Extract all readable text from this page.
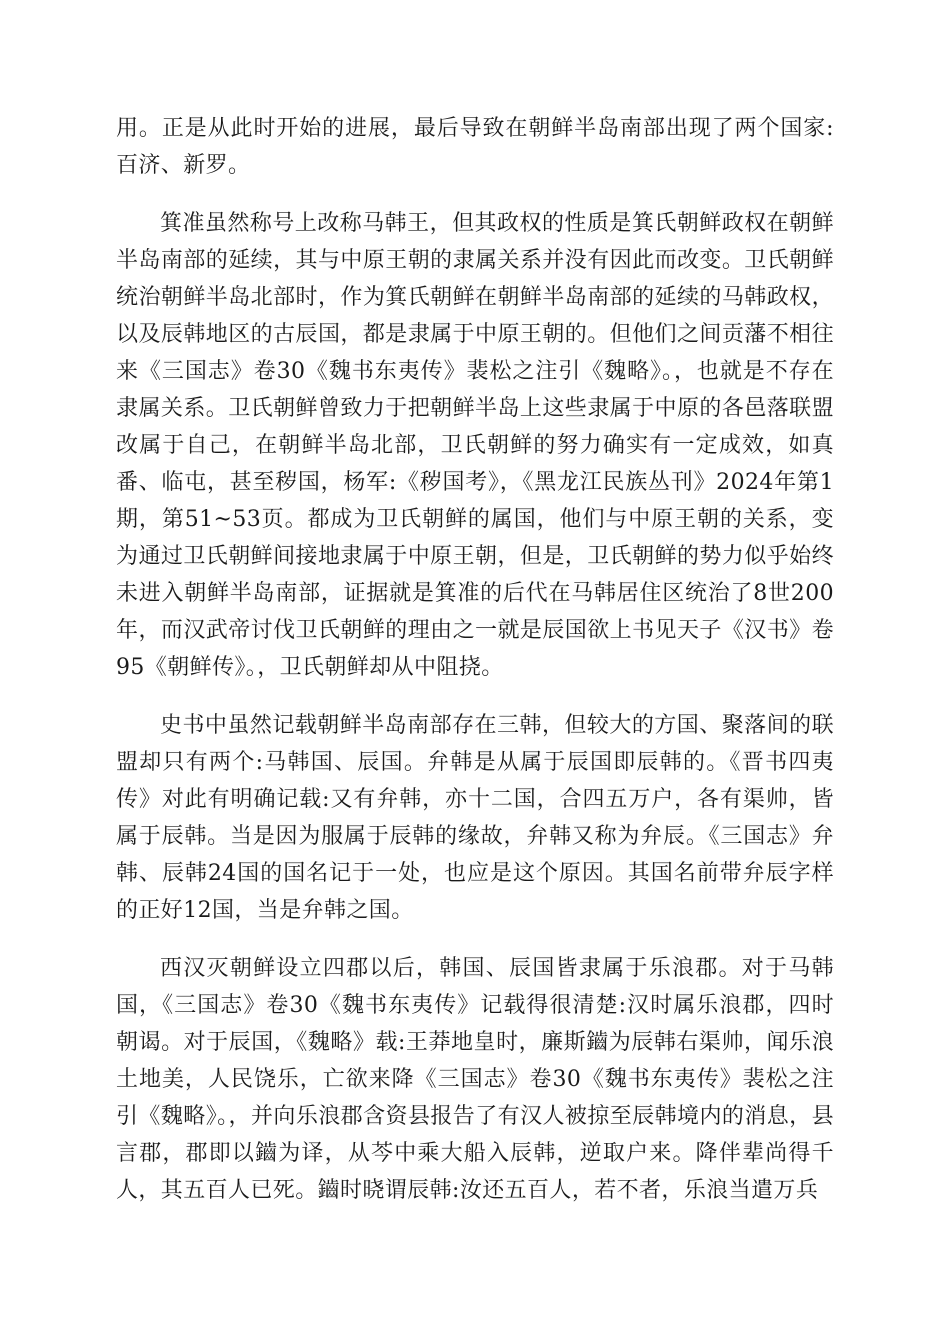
用。正是从此时开始的进展，最后导致在朝鲜半岛南部出现了两个国家:百济、新罗。

箕准虽然称号上改称马韩王，但其政权的性质是箕氏朝鲜政权在朝鲜半岛南部的延续，其与中原王朝的隶属关系并没有因此而改变。卫氏朝鲜统治朝鲜半岛北部时，作为箕氏朝鲜在朝鲜半岛南部的延续的马韩政权，以及辰韩地区的古辰国，都是隶属于中原王朝的。但他们之间贡藩不相往来《三国志》卷30《魏书东夷传》裴松之注引《魏略》。，也就是不存在隶属关系。卫氏朝鲜曾致力于把朝鲜半岛上这些隶属于中原的各邑落联盟改属于自己，在朝鲜半岛北部，卫氏朝鲜的努力确实有一定成效，如真番、临屯，甚至秽国，杨军:《秽国考》，《黑龙江民族丛刊》2024年第1期，第51~53页。都成为卫氏朝鲜的属国，他们与中原王朝的关系，变为通过卫氏朝鲜间接地隶属于中原王朝，但是，卫氏朝鲜的势力似乎始终未进入朝鲜半岛南部，证据就是箕准的后代在马韩居住区统治了8世200年，而汉武帝讨伐卫氏朝鲜的理由之一就是辰国欲上书见天子《汉书》卷95《朝鲜传》。，卫氏朝鲜却从中阻挠。

史书中虽然记载朝鲜半岛南部存在三韩，但较大的方国、聚落间的联盟却只有两个:马韩国、辰国。弁韩是从属于辰国即辰韩的。《晋书四夷传》对此有明确记载:又有弁韩，亦十二国，合四五万户，各有渠帅，皆属于辰韩。当是因为服属于辰韩的缘故，弁韩又称为弁辰。《三国志》弁韩、辰韩24国的国名记于一处，也应是这个原因。其国名前带弁辰字样的正好12国，当是弁韩之国。

西汉灭朝鲜设立四郡以后，韩国、辰国皆隶属于乐浪郡。对于马韩国，《三国志》卷30《魏书东夷传》记载得很清楚:汉时属乐浪郡，四时朝谒。对于辰国，《魏略》载:王莽地皇时，廉斯鑡为辰韩右渠帅，闻乐浪土地美，人民饶乐，亡欲来降《三国志》卷30《魏书东夷传》裴松之注引《魏略》。，并向乐浪郡含资县报告了有汉人被掠至辰韩境内的消息，县言郡，郡即以鑡为译，从芩中乘大船入辰韩，逆取户来。降伴辈尚得千人，其五百人已死。鑡时晓谓辰韩:汝还五百人，若不者，乐浪当遣万兵
